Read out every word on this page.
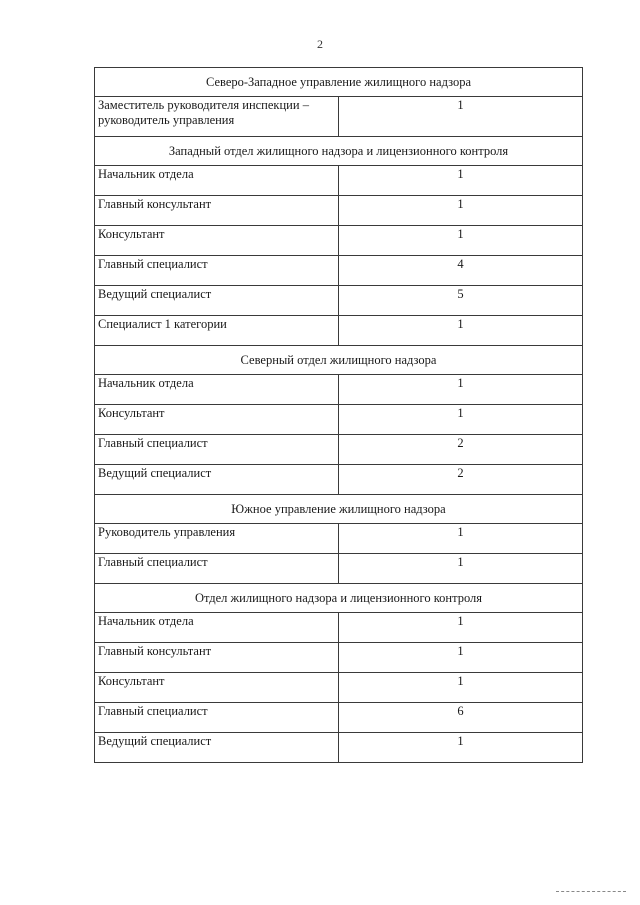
2
Северо-Западное управление жилищного надзора	
Заместитель руководителя инспекции – руководитель управления	1
Западный отдел жилищного надзора и лицензионного контроля	
Начальник отдела	1
Главный консультант	1
Консультант	1
Главный специалист	4
Ведущий специалист	5
Специалист 1 категории	1
Северный отдел жилищного надзора	
Начальник отдела	1
Консультант	1
Главный специалист	2
Ведущий специалист	2
Южное управление жилищного надзора	
Руководитель управления	1
Главный специалист	1
Отдел жилищного надзора и лицензионного контроля	
Начальник отдела	1
Главный консультант	1
Консультант	1
Главный специалист	6
Ведущий специалист	1
